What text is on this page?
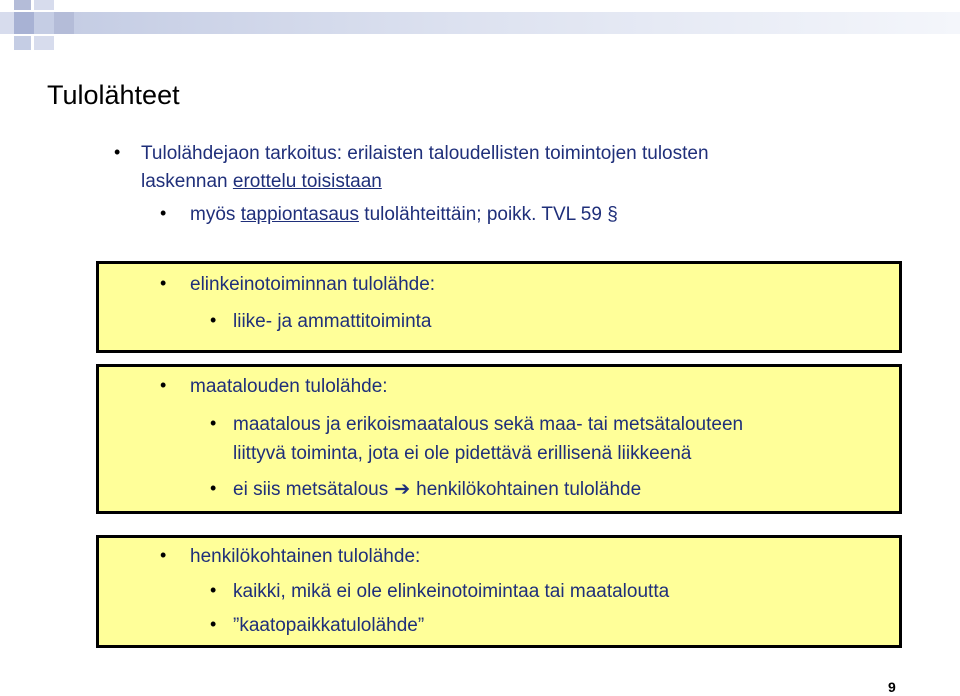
Tulolähteet
• Tulolähdejaon tarkoitus: erilaisten taloudellisten toimintojen tulosten
laskennan erottelu toisistaan
• myös tappiontasaus tulolähteittäin; poikk. TVL 59 §
• elinkeinotoiminnan tulolähde:
• liike- ja ammattitoiminta
• maatalouden tulolähde:
• maatalous ja erikoismaatalous sekä maa- tai metsätalouteen
liittyvä toiminta, jota ei ole pidettävä erillisenä liikkeenä
• ei siis metsätalous ➔ henkilökohtainen tulolähde
• henkilökohtainen tulolähde:
• kaikki, mikä ei ole elinkeinotoimintaa tai maataloutta
• ”kaatopaikkatulolähde”
9
